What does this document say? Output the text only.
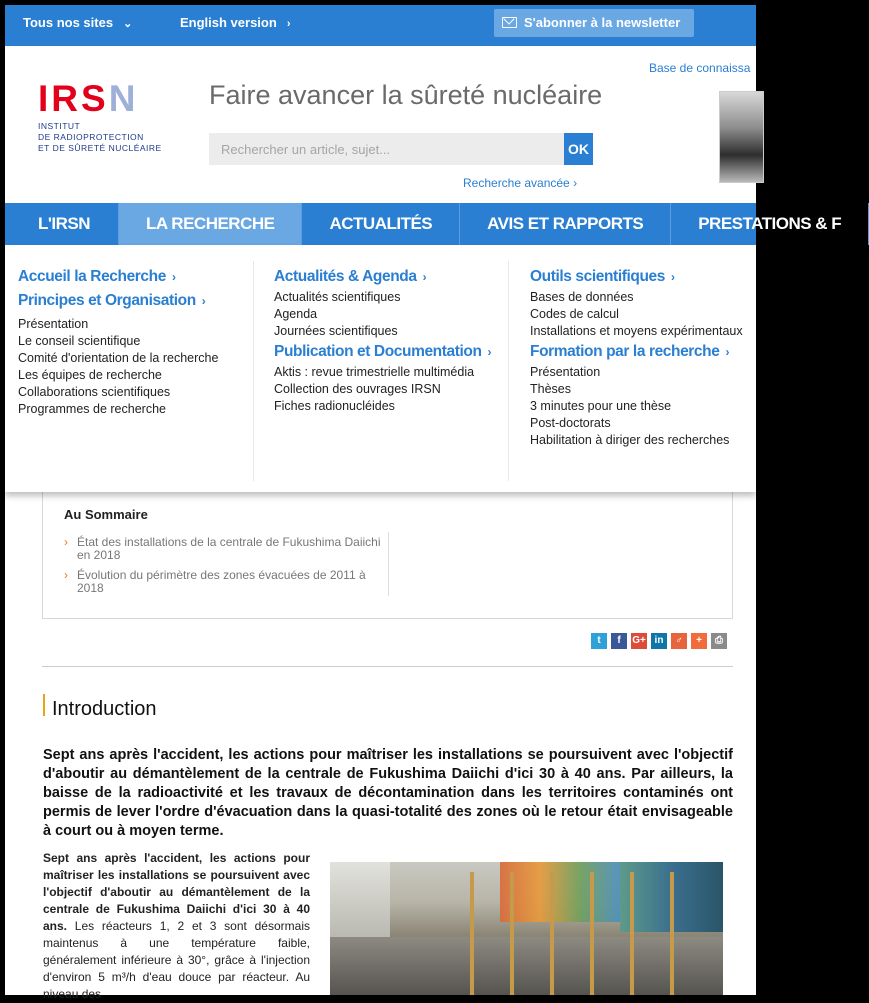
Tous nos sites ⌄	English version ›	S'abonner à la newsletter
IRSN
INSTITUT
DE RADIOPROTECTION
ET DE SÛRETÉ NUCLÉAIRE
Faire avancer la sûreté nucléaire
Rechercher un article, sujet...
OK
Recherche avancée ›
Base de connaissa
L'IRSN	LA RECHERCHE	ACTUALITÉS	AVIS ET RAPPORTS	PRESTATIONS & F
Accueil la Recherche ›
Principes et Organisation ›
Présentation
Le conseil scientifique
Comité d'orientation de la recherche
Les équipes de recherche
Collaborations scientifiques
Programmes de recherche
Actualités & Agenda ›
Actualités scientifiques
Agenda
Journées scientifiques
Publication et Documentation ›
Aktis : revue trimestrielle multimédia
Collection des ouvrages IRSN
Fiches radionucléides
Outils scientifiques ›
Bases de données
Codes de calcul
Installations et moyens expérimentaux
Formation par la recherche ›
Présentation
Thèses
3 minutes pour une thèse
Post-doctorats
Habilitation à diriger des recherches
Au Sommaire
› État des installations de la centrale de Fukushima Daiichi en 2018
› Évolution du périmètre des zones évacuées de 2011 à 2018
t	f	G+ in	♂	+	⎙
Introduction
Sept ans après l'accident, les actions pour maîtriser les installations se poursuivent avec l'objectif d'aboutir au démantèlement de la centrale de Fukushima Daiichi d'ici 30 à 40 ans. Par ailleurs, la baisse de la radioactivité et les travaux de décontamination dans les territoires contaminés ont permis de lever l'ordre d'évacuation dans la quasi-totalité des zones où le retour était envisageable à court ou à moyen terme.
Sept ans après l'accident, les actions pour maîtriser les installations se poursuivent avec l'objectif d'aboutir au démantèlement de la centrale de Fukushima Daiichi d'ici 30 à 40 ans. Les réacteurs 1, 2 et 3 sont désormais maintenus à une température faible, généralement inférieure à 30°, grâce à l'injection d'environ 5 m³/h d'eau douce par réacteur. Au niveau des
